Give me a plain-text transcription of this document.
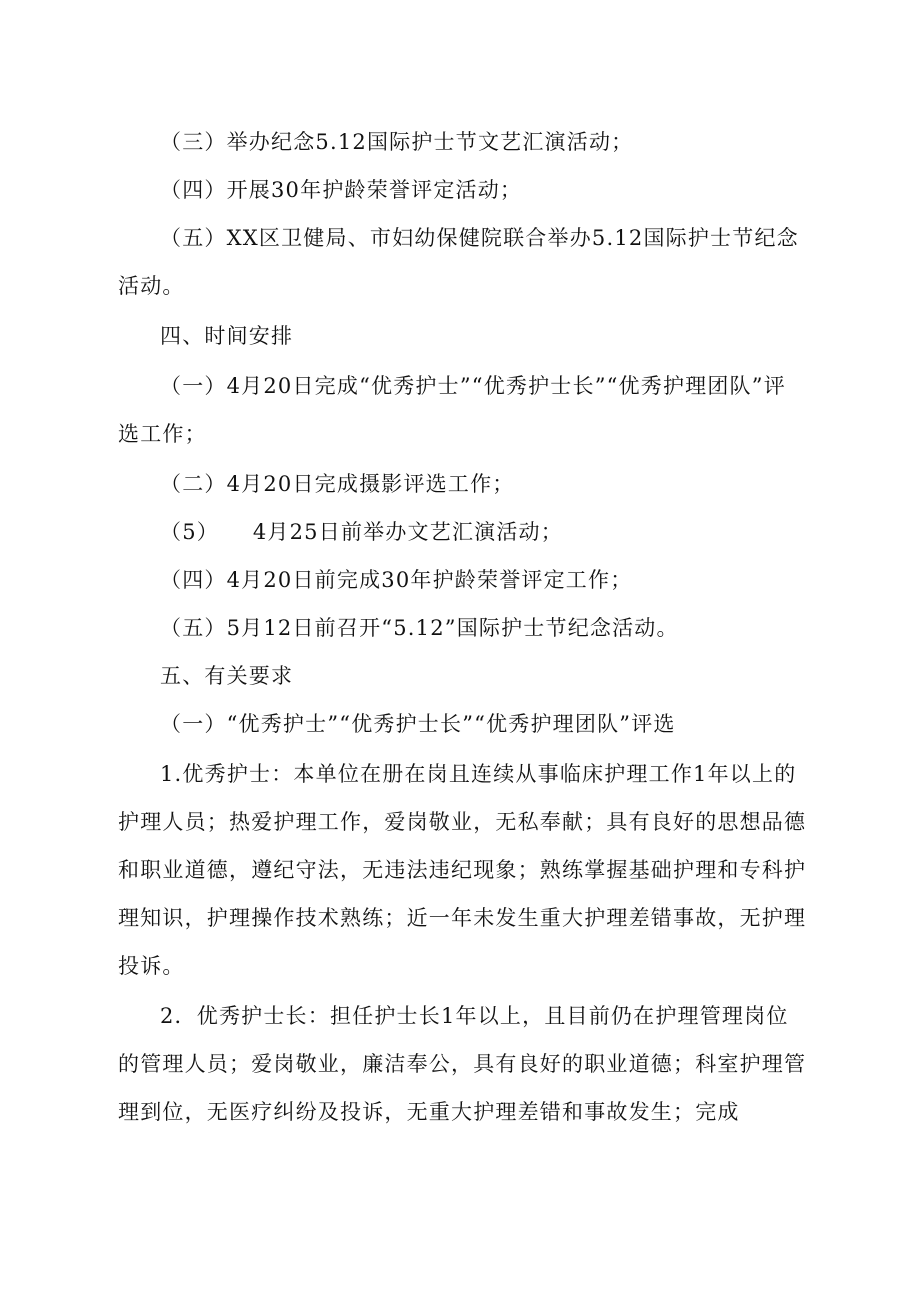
（三）举办纪念5.12国际护士节文艺汇演活动；

（四）开展30年护龄荣誉评定活动；

（五）XX区卫健局、市妇幼保健院联合举办5.12国际护士节纪念活动。

四、时间安排

（一）4月20日完成“优秀护士”“优秀护士长”“优秀护理团队”评选工作；

（二）4月20日完成摄影评选工作；

（5）　　4月25日前举办文艺汇演活动；

（四）4月20日前完成30年护龄荣誉评定工作；

（五）5月12日前召开“5.12”国际护士节纪念活动。

五、有关要求

（一）“优秀护士”“优秀护士长”“优秀护理团队”评选

1.优秀护士：本单位在册在岗且连续从事临床护理工作1年以上的护理人员；热爱护理工作，爱岗敬业，无私奉献；具有良好的思想品德和职业道德，遵纪守法，无违法违纪现象；熟练掌握基础护理和专科护理知识，护理操作技术熟练；近一年未发生重大护理差错事故，无护理投诉。

2．优秀护士长：担任护士长1年以上，且目前仍在护理管理岗位的管理人员；爱岗敬业，廉洁奉公，具有良好的职业道德；科室护理管理到位，无医疗纠纷及投诉，无重大护理差错和事故发生；完成
